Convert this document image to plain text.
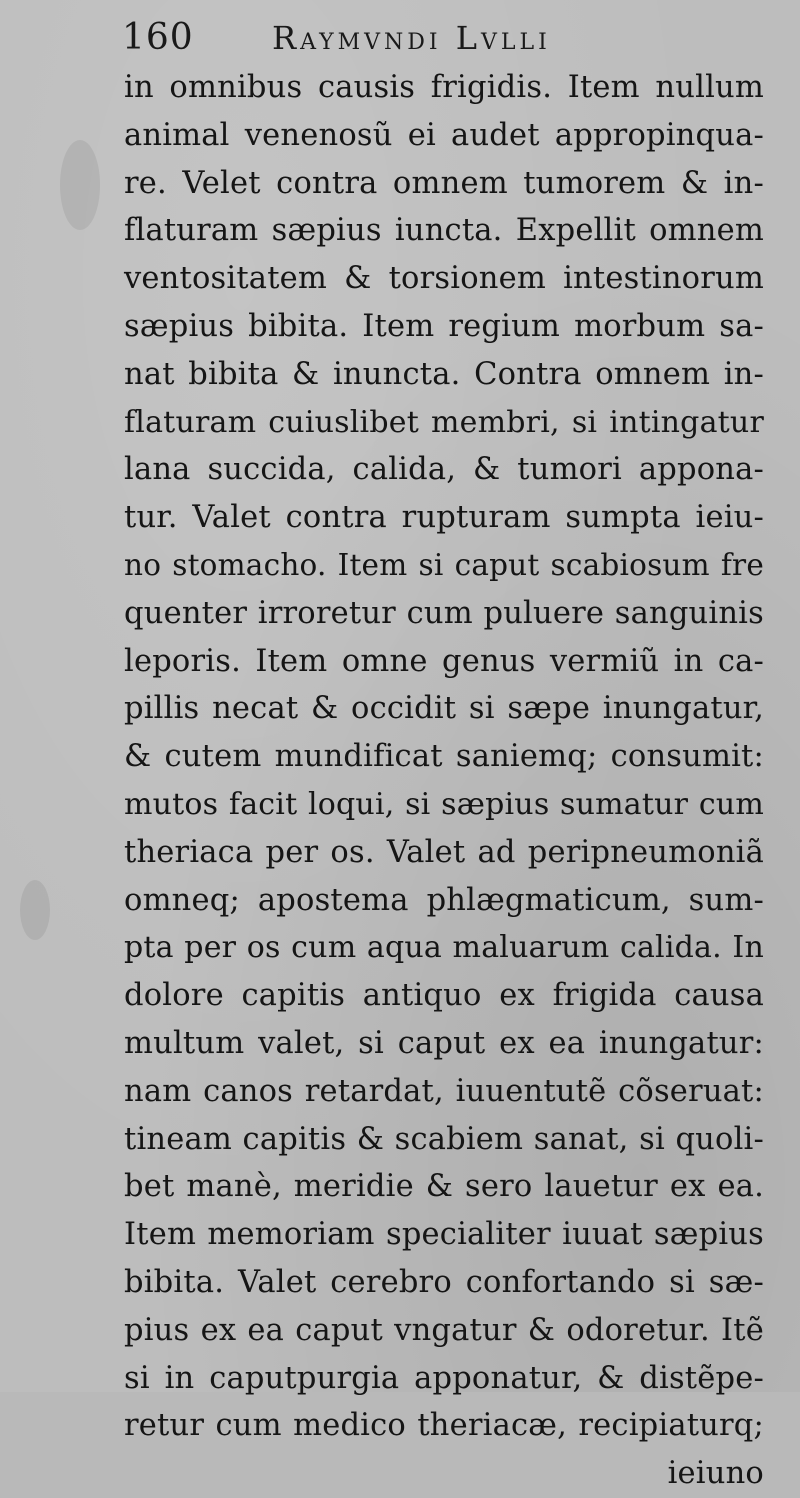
160 Raymvndi Lvlli
in omnibus causis frigidis. Item nullum
animal venenosũ ei audet appropinqua-
re. Velet contra omnem tumorem & in-
flaturam sæpius iuncta. Expellit omnem
ventositatem & torsionem intestinorum
sæpius bibita. Item regium morbum sa-
nat bibita & inuncta. Contra omnem in-
flaturam cuiuslibet membri, si intingatur
lana succida, calida, & tumori appona-
tur. Valet contra rupturam sumpta ieiu-
no stomacho. Item si caput scabiosum fre
quenter irroretur cum puluere sanguinis
leporis. Item omne genus vermiũ in ca-
pillis necat & occidit si sæpe inungatur,
& cutem mundificat saniemq; consumit:
mutos facit loqui, si sæpius sumatur cum
theriaca per os. Valet ad peripneumoniã
omneq; apostema phlægmaticum, sum-
pta per os cum aqua maluarum calida. In
dolore capitis antiquo ex frigida causa
multum valet, si caput ex ea inungatur:
nam canos retardat, iuuentutẽ cõseruat:
tineam capitis & scabiem sanat, si quoli-
bet manè, meridie & sero lauetur ex ea.
Item memoriam specialiter iuuat sæpius
bibita. Valet cerebro confortando si sæ-
pius ex ea caput vngatur & odoretur. Itẽ
si in caputpurgia apponatur, & distẽpe-
retur cum medico theriacæ, recipiaturq;
ieiuno
